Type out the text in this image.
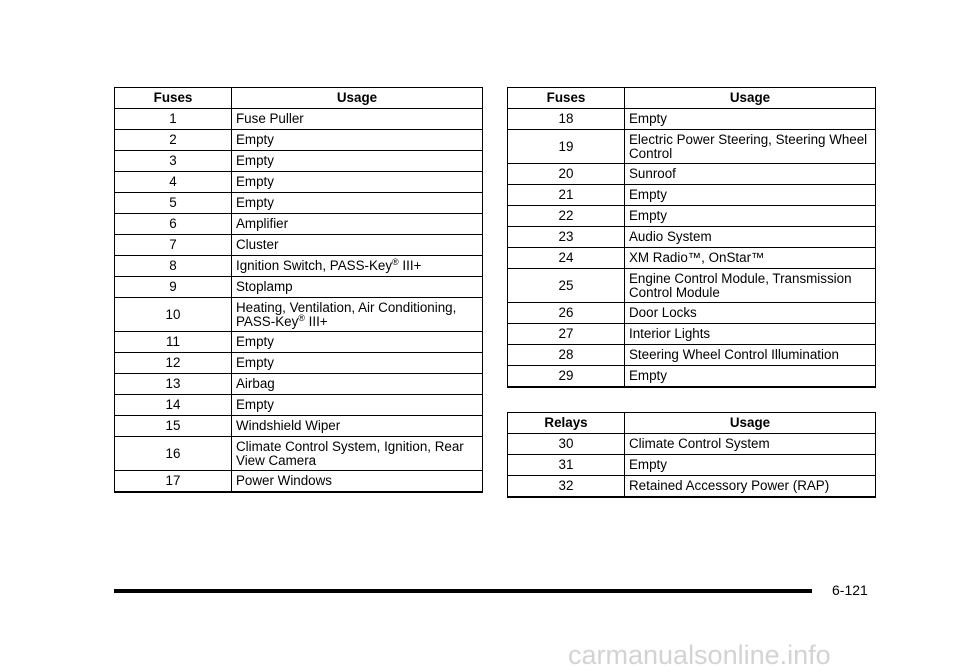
Fuses	Usage
1	Fuse Puller
2	Empty
3	Empty
4	Empty
5	Empty
6	Amplifier
7	Cluster
8	Ignition Switch, PASS-Key® III+
9	Stoplamp
10	Heating, Ventilation, Air Conditioning, PASS-Key® III+
11	Empty
12	Empty
13	Airbag
14	Empty
15	Windshield Wiper
16	Climate Control System, Ignition, Rear View Camera
17	Power Windows
Fuses	Usage
18	Empty
19	Electric Power Steering, Steering Wheel Control
20	Sunroof
21	Empty
22	Empty
23	Audio System
24	XM Radio™, OnStar™
25	Engine Control Module, Transmission Control Module
26	Door Locks
27	Interior Lights
28	Steering Wheel Control Illumination
29	Empty
Relays	Usage
30	Climate Control System
31	Empty
32	Retained Accessory Power (RAP)
6-121
carmanualsonline.info
